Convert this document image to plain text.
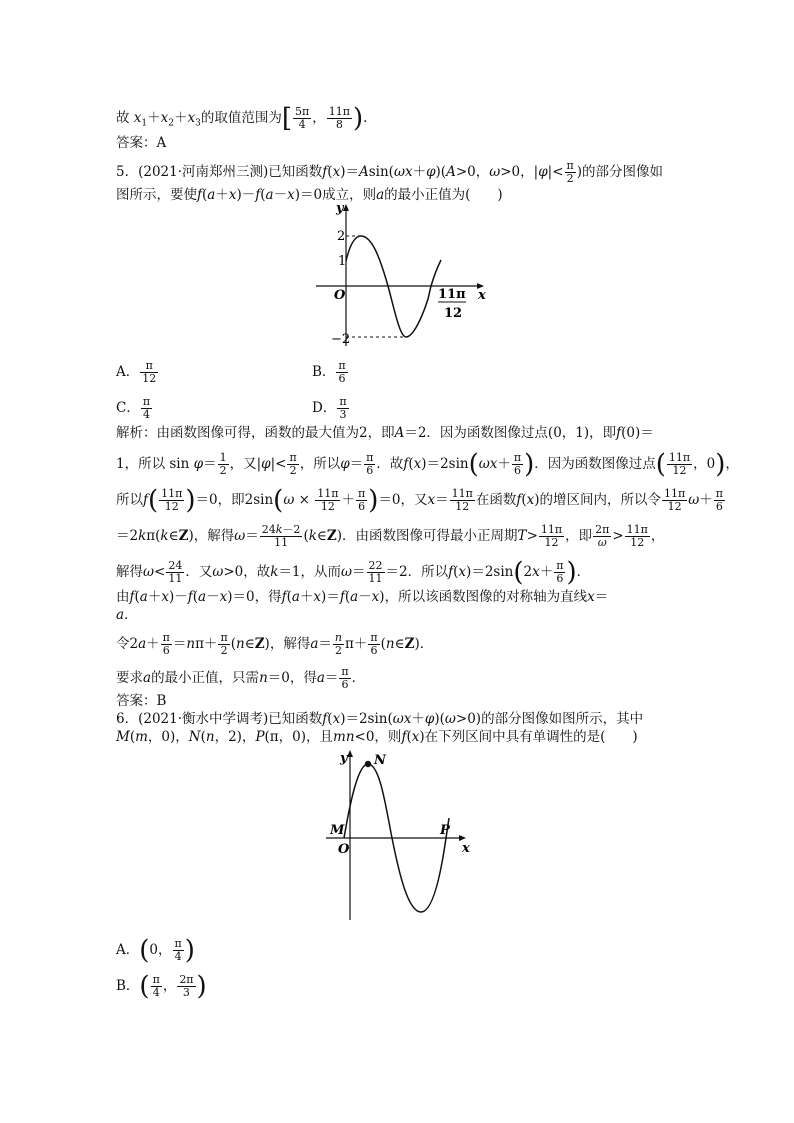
故 $x_1+x_2+x_3$的取值范围为[ $\frac{5\pi}{4}$ ， $\frac{11\pi}{8}$ ).
答案：A
5．(2021·河南郑州三测)已知函数f(x)＝Asin(ωx＋φ)(A>0，ω>0，$|\varphi|< \frac{\pi}{2}$ )的部分图像如
图所示，要使f(a＋x)－f(a－x)＝0成立，则a的最小正值为(　　)
y
x
O
2
1
−2
11π
12
A． $\frac{\pi}{12}$	B． $\frac{\pi}{6}$
C． $\frac{\pi}{4}$	D． $\frac{\pi}{3}$
解析：由函数图像可得，函数的最大值为2，即A＝2．因为函数图像过点(0，1)，即f(0)＝
1，所以 $\sin \varphi= \frac{1}{2}$ ，又$|\varphi|< \frac{\pi}{2}$ ，所以$\varphi= \frac{\pi}{6}$ ．故$f(x)=2\sin(\omega x+ \frac{\pi}{6}$ )．因为函数图像过点( $\frac{11\pi}{12}$ ，0)，
所以$f( \frac{11\pi}{12} )=0$，即$2\sin(\omega \times \frac{11\pi}{12} + \frac{\pi}{6} )=0$，又$x= \frac{11\pi}{12}$ 在函数f(x)的增区间内，所以令 $\frac{11\pi}{12} \omega+ \frac{\pi}{6}$
＝2kπ(k∈Z)，解得$\omega= \frac{24k-2}{11}$ (k∈Z)．由函数图像可得最小正周期$T> \frac{11\pi}{12}$ ，即 $\frac{2\pi}{\omega} > \frac{11\pi}{12}$ ，
解得$\omega< \frac{24}{11}$ ．又ω>0，故k＝1，从而$\omega= \frac{22}{11} =2$．所以$f(x)=2\sin(2x+ \frac{\pi}{6}$ )．
由f(a＋x)－f(a－x)＝0，得f(a＋x)＝f(a－x)，所以该函数图像的对称轴为直线x＝
a．
令$2a+ \frac{\pi}{6} =n\pi+ \frac{\pi}{2}$ (n∈Z)，解得$a= \frac{n}{2} \pi+ \frac{\pi}{6}$ (n∈Z)．
要求a的最小正值，只需n＝0，得$a= \frac{\pi}{6}$ ．
答案：B
6．(2021·衡水中学调考)已知函数f(x)＝2sin(ωx＋φ)(ω>0)的部分图像如图所示，其中
M(m，0)，N(n，2)，P(π，0)，且mn<0，则f(x)在下列区间中具有单调性的是(　　)
y
x
O
M
N
P
A．(0， $\frac{\pi}{4}$ )
B．( $\frac{\pi}{4}$ ， $\frac{2\pi}{3}$ )
